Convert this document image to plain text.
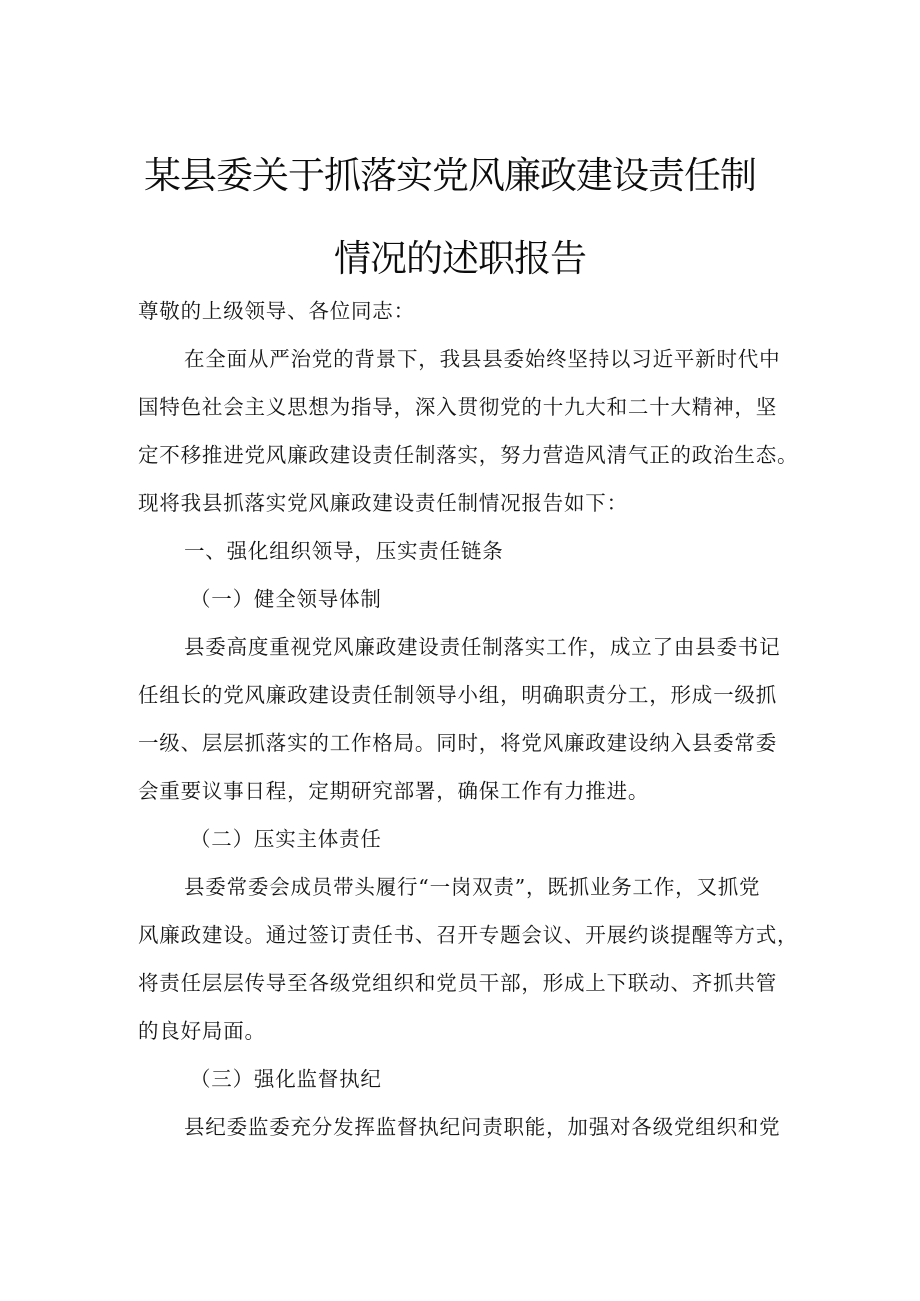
某县委关于抓落实党风廉政建设责任制
情况的述职报告
尊敬的上级领导、各位同志：
在全面从严治党的背景下，我县县委始终坚持以习近平新时代中
国特色社会主义思想为指导，深入贯彻党的十九大和二十大精神，坚
定不移推进党风廉政建设责任制落实，努力营造风清气正的政治生态。
现将我县抓落实党风廉政建设责任制情况报告如下：
一、强化组织领导，压实责任链条
（一）健全领导体制
县委高度重视党风廉政建设责任制落实工作，成立了由县委书记
任组长的党风廉政建设责任制领导小组，明确职责分工，形成一级抓
一级、层层抓落实的工作格局。同时，将党风廉政建设纳入县委常委
会重要议事日程，定期研究部署，确保工作有力推进。
（二）压实主体责任
县委常委会成员带头履行“一岗双责”，既抓业务工作，又抓党
风廉政建设。通过签订责任书、召开专题会议、开展约谈提醒等方式，
将责任层层传导至各级党组织和党员干部，形成上下联动、齐抓共管
的良好局面。
（三）强化监督执纪
县纪委监委充分发挥监督执纪问责职能，加强对各级党组织和党
